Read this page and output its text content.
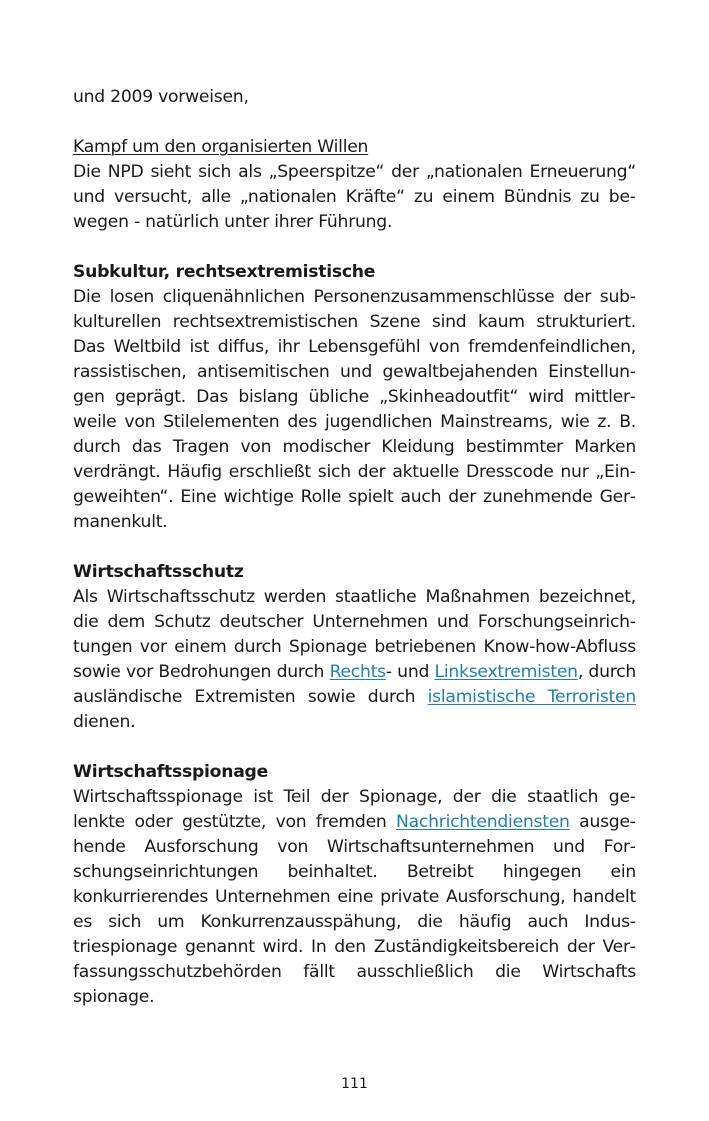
und 2009 vorweisen,

Kampf um den organisierten Willen

Die NPD sieht sich als „Speerspitze“ der „nationalen Erneuerung“ und versucht, alle „nationalen Kräfte“ zu einem Bündnis zu bewegen - natürlich unter ihrer Führung.

Subkultur, rechtsextremistische

Die losen cliquenähnlichen Personenzusammenschlüsse der subkulturellen rechtsextremistischen Szene sind kaum strukturiert. Das Weltbild ist diffus, ihr Lebensgefühl von fremdenfeindlichen, rassistischen, antisemitischen und gewaltbejahenden Einstellungen geprägt. Das bislang übliche „Skinheadoutfit“ wird mittlerweile von Stilelementen des jugendlichen Mainstreams, wie z. B. durch das Tragen von modischer Kleidung bestimmter Marken verdrängt. Häufig erschließt sich der aktuelle Dresscode nur „Eingeweihten“. Eine wichtige Rolle spielt auch der zunehmende Germanenkult.

Wirtschaftsschutz

Als Wirtschaftsschutz werden staatliche Maßnahmen bezeichnet, die dem Schutz deutscher Unternehmen und Forschungseinrichtungen vor einem durch Spionage betriebenen Know-how-Abfluss sowie vor Bedrohungen durch Rechts- und Linksextremisten, durch ausländische Extremisten sowie durch islamistische Terroristen dienen.

Wirtschaftsspionage

Wirtschaftsspionage ist Teil der Spionage, der die staatlich gelenkte oder gestützte, von fremden Nachrichtendiensten ausgehende Ausforschung von Wirtschaftsunternehmen und Forschungseinrichtungen beinhaltet. Betreibt hingegen ein konkurrierendes Unternehmen eine private Ausforschung, handelt es sich um Konkurrenzausspähung, die häufig auch Industriespionage genannt wird. In den Zuständigkeitsbereich der Verfassungsschutzbehörden fällt ausschließlich die Wirtschafts spionage.

111
